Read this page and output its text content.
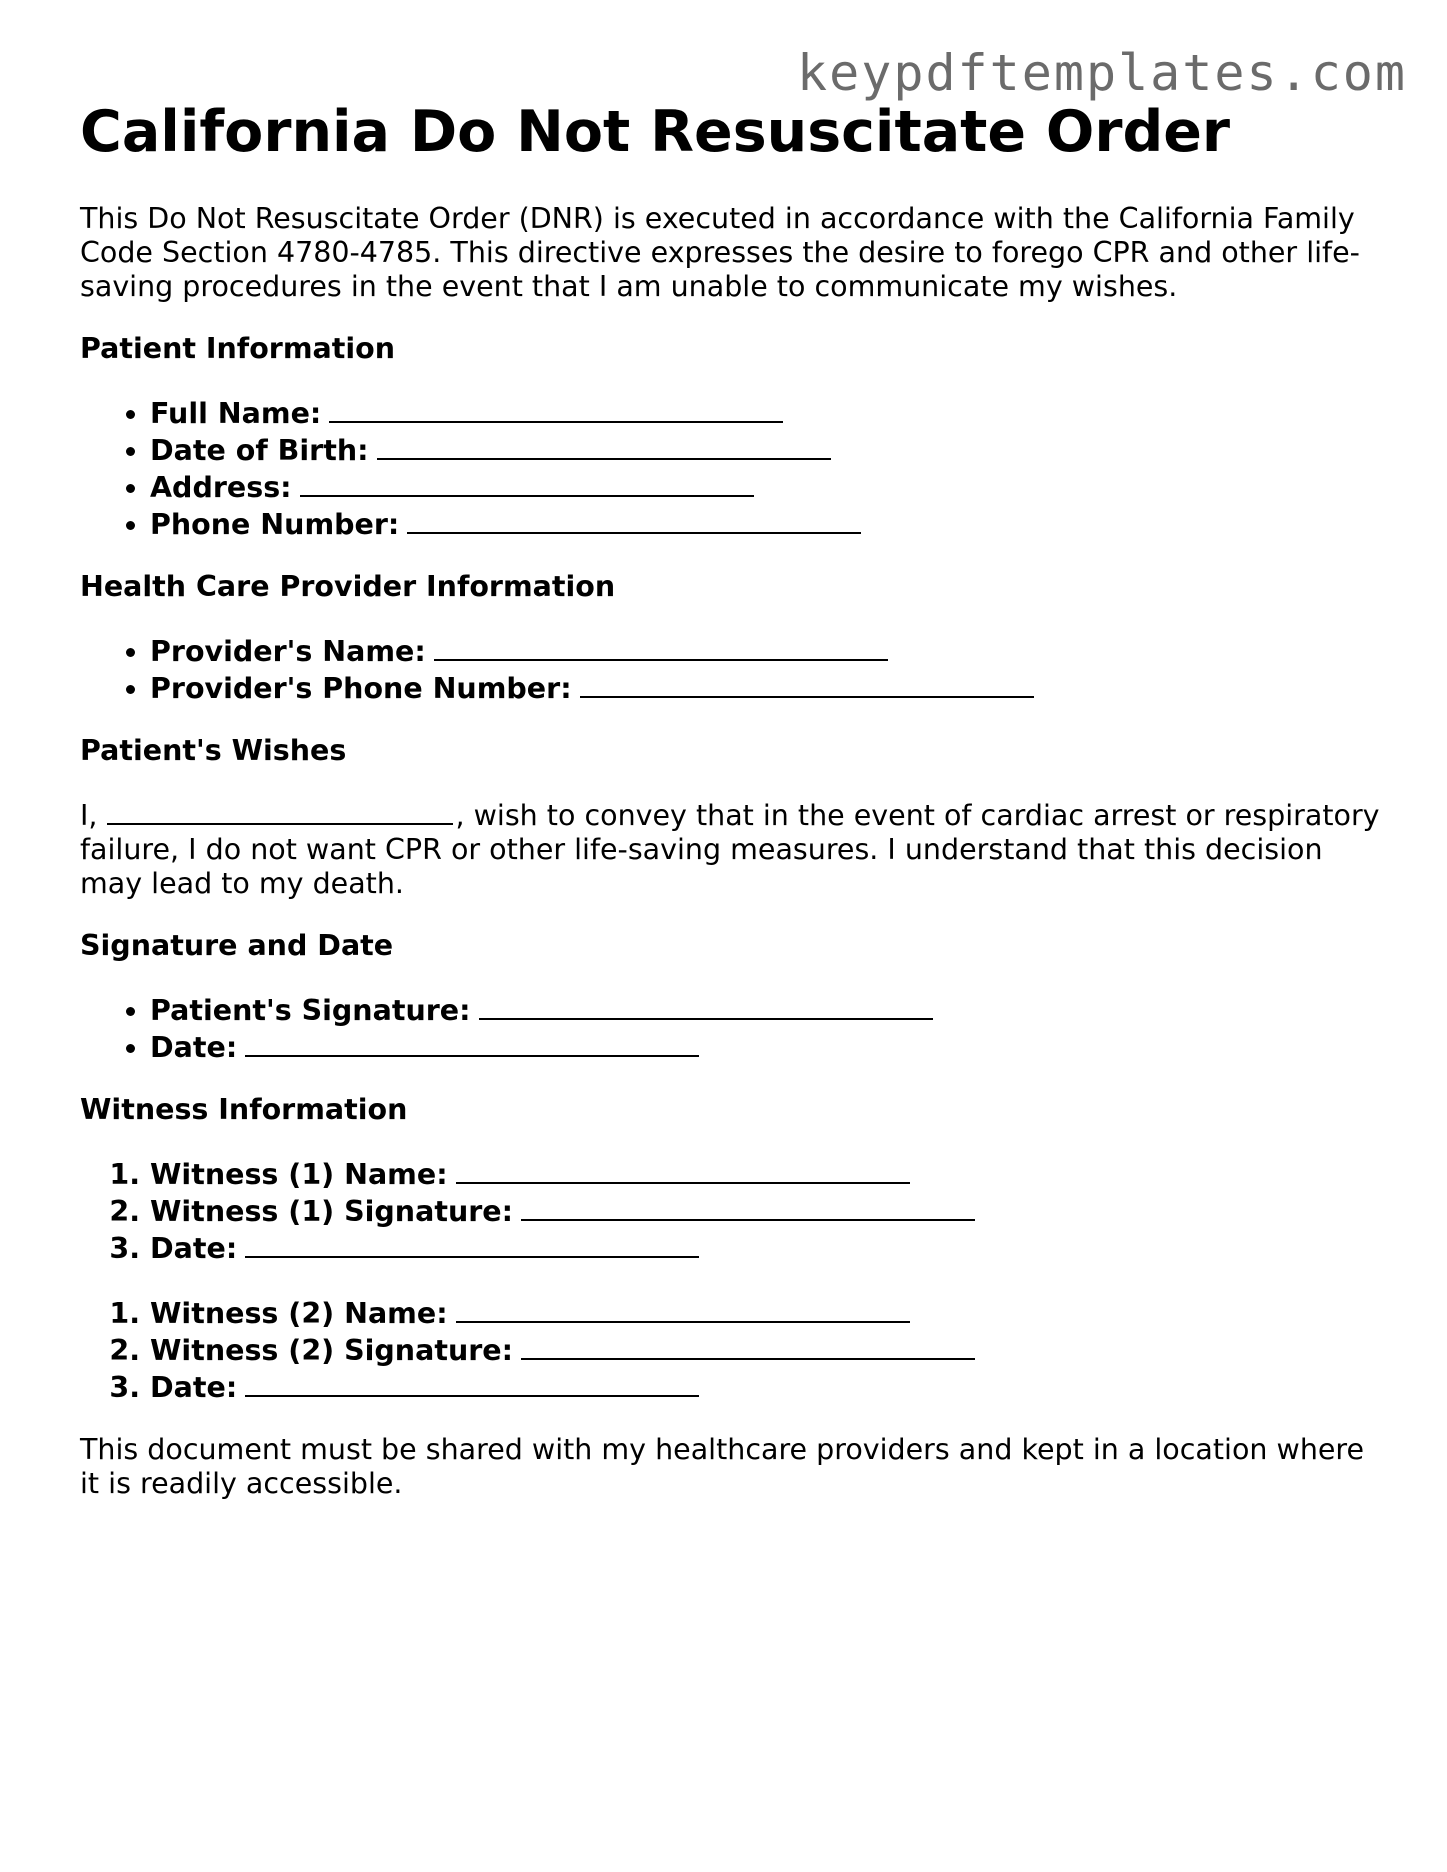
keypdftemplates.com
California Do Not Resuscitate Order

This Do Not Resuscitate Order (DNR) is executed in accordance with the California Family Code Section 4780-4785. This directive expresses the desire to forego CPR and other life-saving procedures in the event that I am unable to communicate my wishes.

Patient Information
• Full Name:
• Date of Birth:
• Address:
• Phone Number:
Health Care Provider Information
• Provider's Name:
• Provider's Phone Number:
Patient's Wishes

I,	, wish to convey that in the event of cardiac arrest or respiratory failure, I do not want CPR or other life-saving measures. I understand that this decision may lead to my death.

Signature and Date
• Patient's Signature:
• Date:
Witness Information
1. Witness (1) Name:
2. Witness (1) Signature:
3. Date:
1. Witness (2) Name:
2. Witness (2) Signature:
3. Date:

This document must be shared with my healthcare providers and kept in a location where it is readily accessible.
